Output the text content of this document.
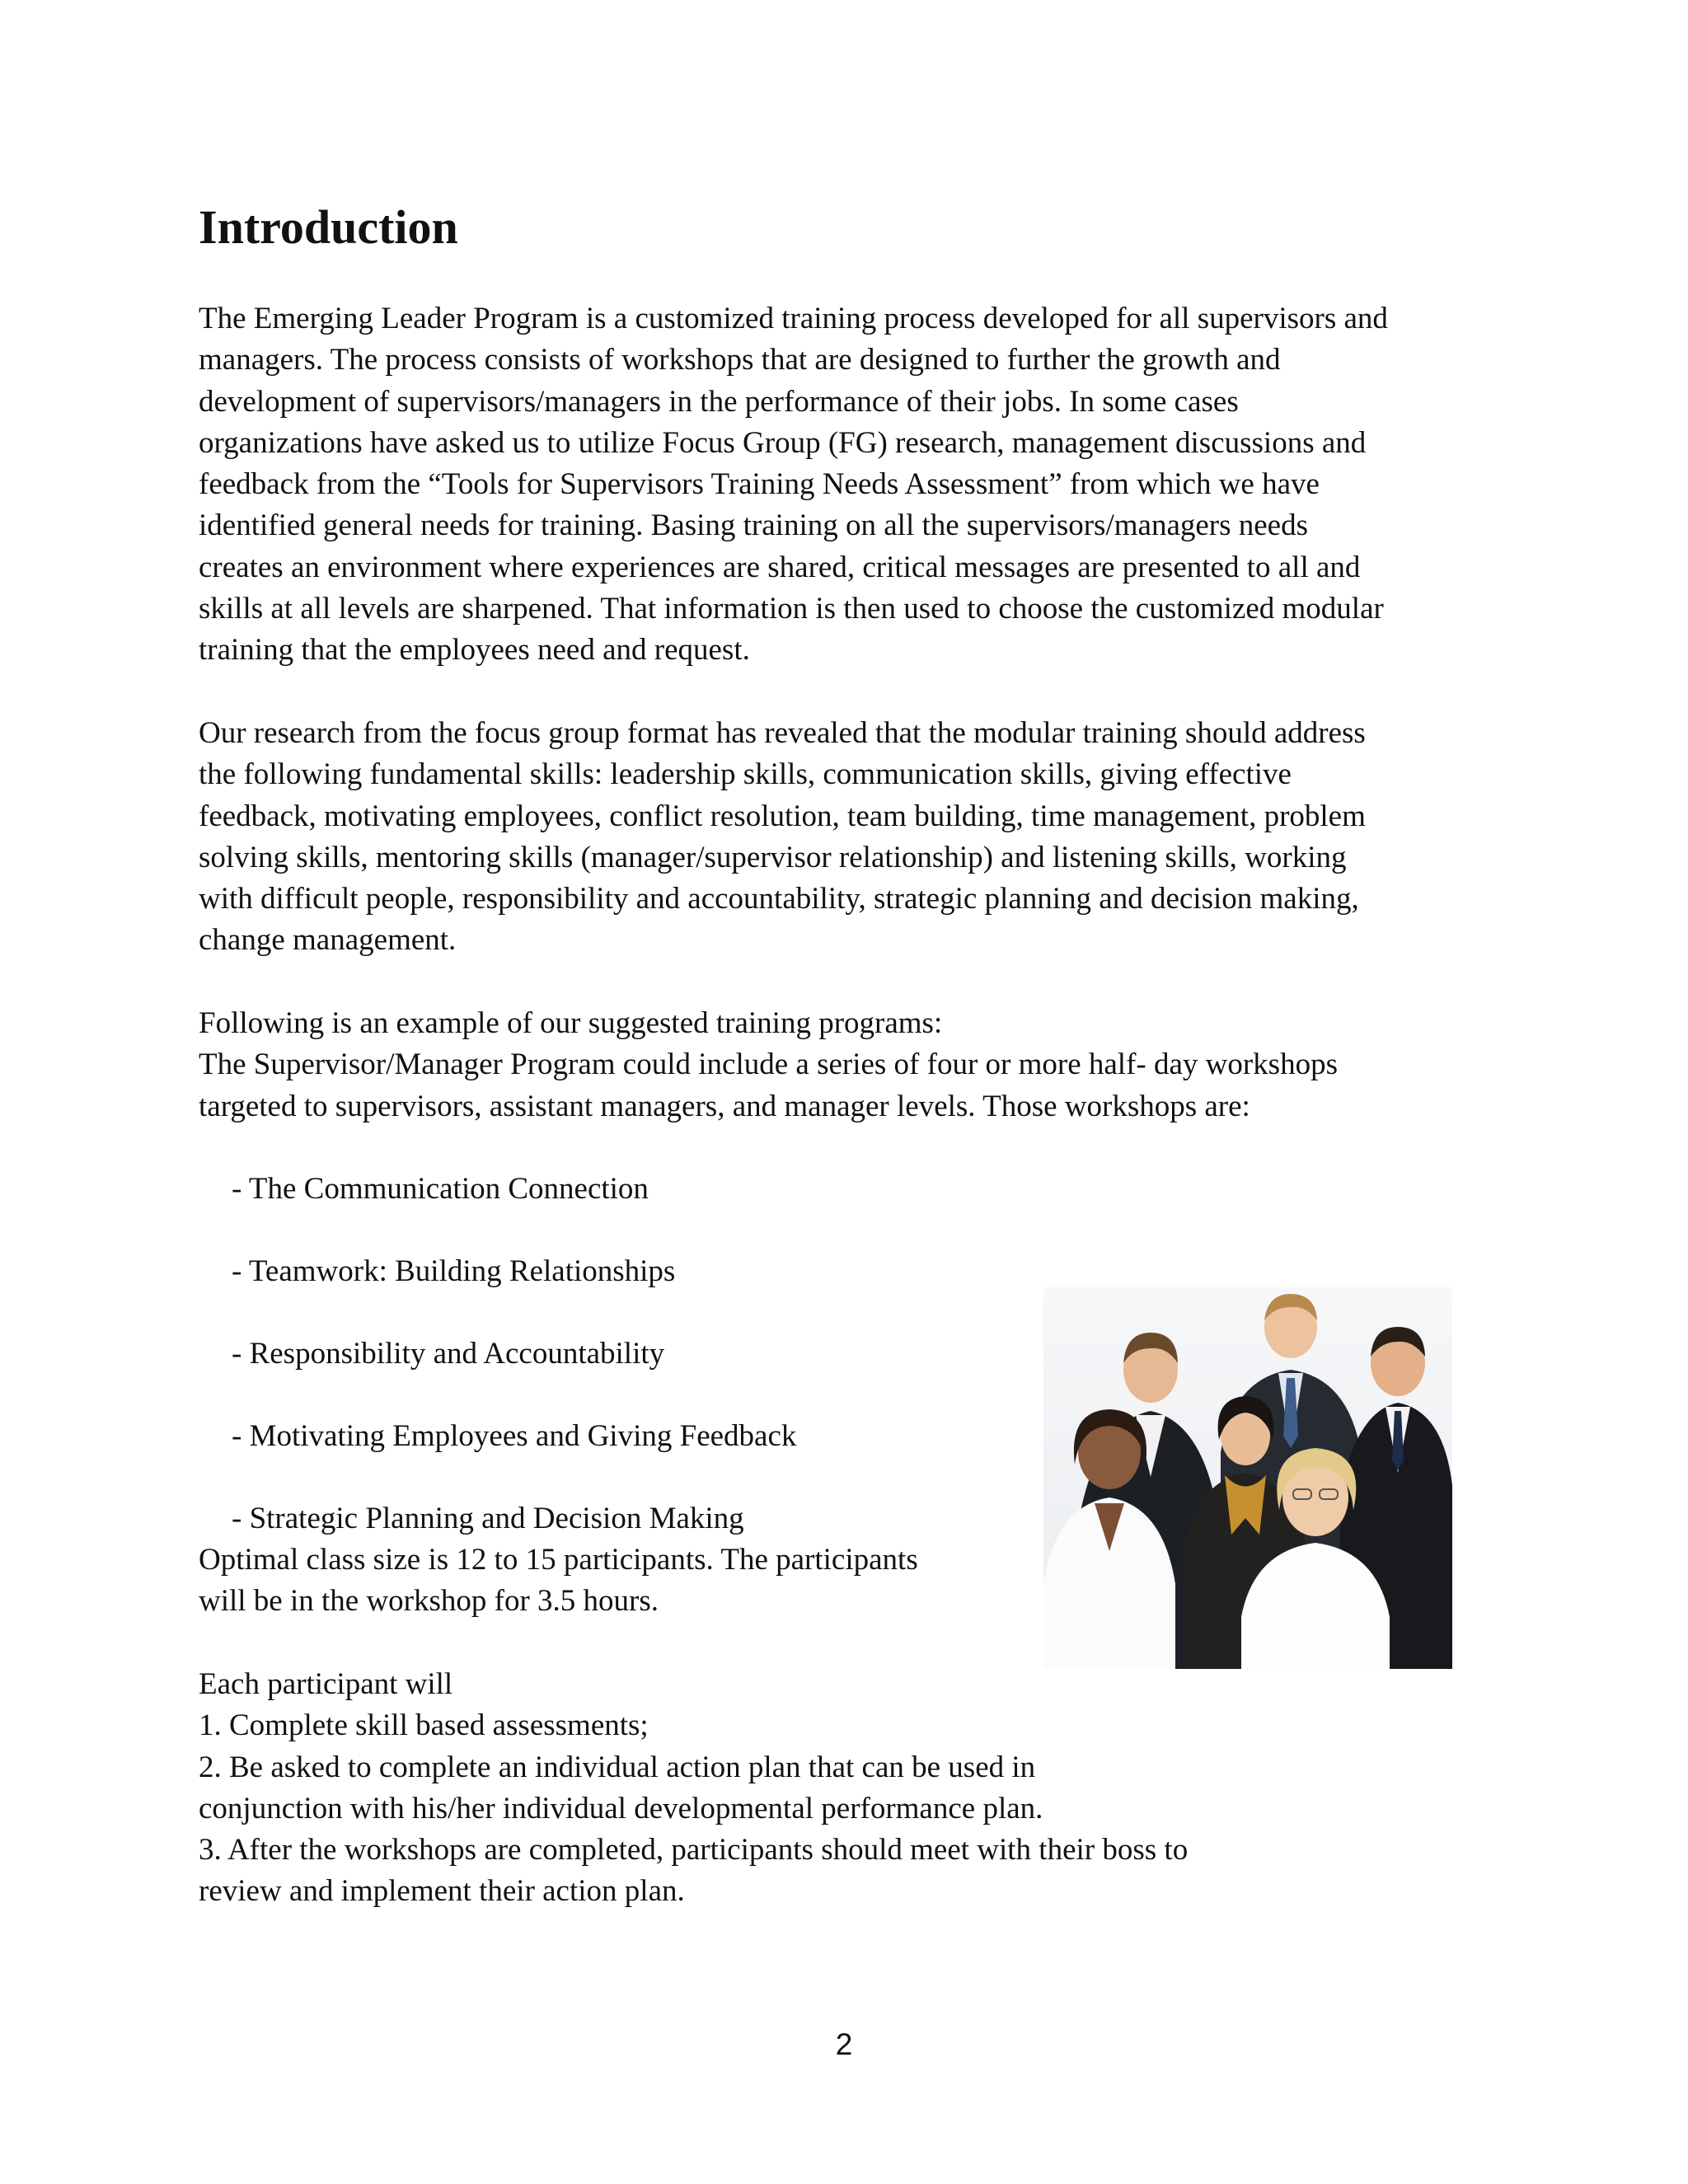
Introduction

The Emerging Leader Program is a customized training process developed for all supervisors and
managers. The process consists of workshops that are designed to further the growth and
development of supervisors/managers in the performance of their jobs. In some cases
organizations have asked us to utilize Focus Group (FG) research, management discussions and
feedback from the “Tools for Supervisors Training Needs Assessment” from which we have
identified general needs for training. Basing training on all the supervisors/managers needs
creates an environment where experiences are shared, critical messages are presented to all and
skills at all levels are sharpened. That information is then used to choose the customized modular
training that the employees need and request.

Our research from the focus group format has revealed that the modular training should address
the following fundamental skills: leadership skills, communication skills, giving effective
feedback, motivating employees, conflict resolution, team building, time management, problem
solving skills, mentoring skills (manager/supervisor relationship) and listening skills, working
with difficult people, responsibility and accountability, strategic planning and decision making,
change management.

Following is an example of our suggested training programs:
The Supervisor/Manager Program could include a series of four or more half- day workshops
targeted to supervisors, assistant managers, and manager levels. Those workshops are:

- The Communication Connection
- Teamwork: Building Relationships
- Responsibility and Accountability
- Motivating Employees and Giving Feedback
- Strategic Planning and Decision Making

Optimal class size is 12 to 15 participants. The participants
will be in the workshop for 3.5 hours.

Each participant will
1. Complete skill based assessments;
2. Be asked to complete an individual action plan that can be used in
conjunction with his/her individual developmental performance plan.
3. After the workshops are completed, participants should meet with their boss to
review and implement their action plan.

2
